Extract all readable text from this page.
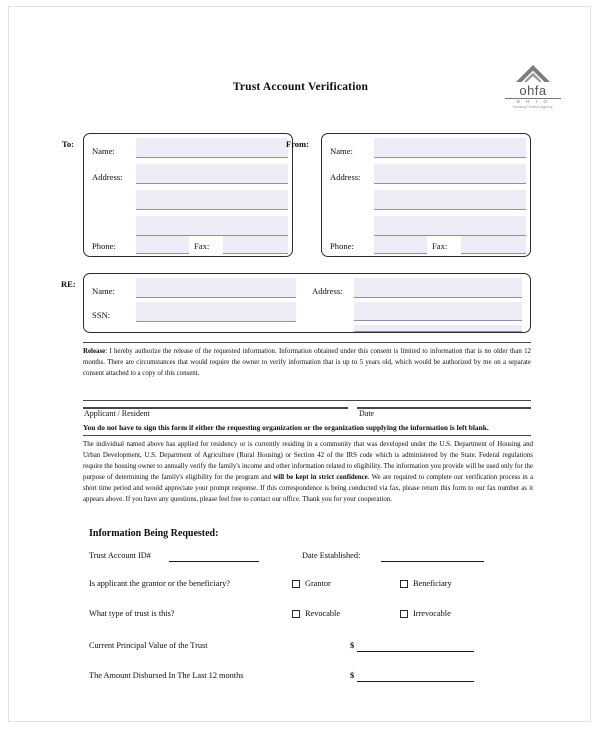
Trust Account Verification	ohfa
O H I O
Housing Finance Agency
To:
Name:
Address:
Phone:	Fax:
From:
Name:
Address:
Phone:	Fax:
RE:
Name:
SSN:
Address:
Release: I hereby authorize the release of the requested information. Information obtained under this consent is limited to information that is no older than 12 months. There are circumstances that would require the owner to verify information that is up to 5 years old, which would be authorized by me on a separate consent attached to a copy of this consent.
Applicant / Resident	Date
You do not have to sign this form if either the requesting organization or the organization supplying the information is left blank.
The individual named above has applied for residency or is currently residing in a community that was developed under the U.S. Department of Housing and Urban Development, U.S. Department of Agriculture (Rural Housing) or Section 42 of the IRS code which is administered by the State. Federal regulations require the housing owner to annually verify the family's income and other information related to eligibility. The information you provide will be used only for the purpose of determining the family's eligibility for the program and will be kept in strict confidence. We are required to complete our verification process in a short time period and would appreciate your prompt response. If this correspondence is being conducted via fax, please return this form to our fax number as it appears above. If you have any questions, please feel free to contact our office. Thank you for your cooperation.
Information Being Requested:
Trust Account ID#	Date Established:
Is applicant the grantor or the beneficiary?	Grantor	Beneficiary
What type of trust is this?	Revocable	Irrevocable
Current Principal Value of the Trust	$
The Amount Disbursed In The Last 12 months	$
